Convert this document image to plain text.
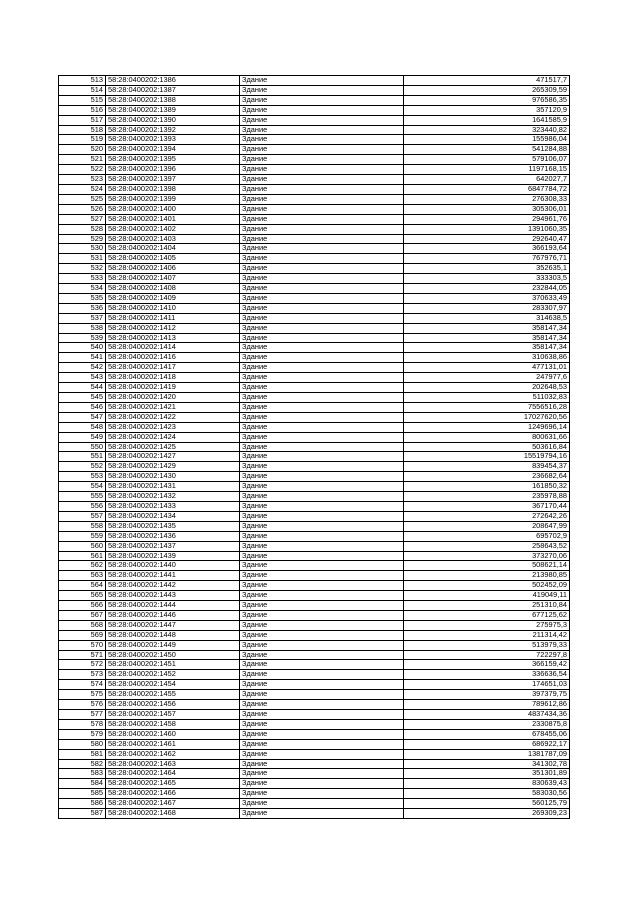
513	58:28:0400202:1386	Здание	471517,7
514	58:28:0400202:1387	Здание	265309,59
515	58:28:0400202:1388	Здание	976586,35
516	58:28:0400202:1389	Здание	357120,9
517	58:28:0400202:1390	Здание	1641585,9
518	58:28:0400202:1392	Здание	323440,82
519	58:28:0400202:1393	Здание	155986,04
520	58:28:0400202:1394	Здание	541284,88
521	58:28:0400202:1395	Здание	579106,07
522	58:28:0400202:1396	Здание	1197168,15
523	58:28:0400202:1397	Здание	642027,7
524	58:28:0400202:1398	Здание	6847784,72
525	58:28:0400202:1399	Здание	276308,33
526	58:28:0400202:1400	Здание	305306,01
527	58:28:0400202:1401	Здание	294961,76
528	58:28:0400202:1402	Здание	1391060,35
529	58:28:0400202:1403	Здание	292640,47
530	58:28:0400202:1404	Здание	366193,64
531	58:28:0400202:1405	Здание	767976,71
532	58:28:0400202:1406	Здание	352635,1
533	58:28:0400202:1407	Здание	333303,5
534	58:28:0400202:1408	Здание	232844,05
535	58:28:0400202:1409	Здание	370633,49
536	58:28:0400202:1410	Здание	283307,97
537	58:28:0400202:1411	Здание	314638,5
538	58:28:0400202:1412	Здание	358147,34
539	58:28:0400202:1413	Здание	358147,34
540	58:28:0400202:1414	Здание	358147,34
541	58:28:0400202:1416	Здание	310638,86
542	58:28:0400202:1417	Здание	477131,01
543	58:28:0400202:1418	Здание	247977,6
544	58:28:0400202:1419	Здание	202648,53
545	58:28:0400202:1420	Здание	511032,83
546	58:28:0400202:1421	Здание	7556516,28
547	58:28:0400202:1422	Здание	17027620,56
548	58:28:0400202:1423	Здание	1249696,14
549	58:28:0400202:1424	Здание	800631,66
550	58:28:0400202:1425	Здание	503616,84
551	58:28:0400202:1427	Здание	15519794,16
552	58:28:0400202:1429	Здание	839454,37
553	58:28:0400202:1430	Здание	236682,64
554	58:28:0400202:1431	Здание	161850,32
555	58:28:0400202:1432	Здание	235978,88
556	58:28:0400202:1433	Здание	367170,44
557	58:28:0400202:1434	Здание	272642,26
558	58:28:0400202:1435	Здание	208647,99
559	58:28:0400202:1436	Здание	695702,9
560	58:28:0400202:1437	Здание	258643,52
561	58:28:0400202:1439	Здание	373270,06
562	58:28:0400202:1440	Здание	508621,14
563	58:28:0400202:1441	Здание	213980,85
564	58:28:0400202:1442	Здание	502452,09
565	58:28:0400202:1443	Здание	419049,11
566	58:28:0400202:1444	Здание	251310,84
567	58:28:0400202:1446	Здание	677125,62
568	58:28:0400202:1447	Здание	275975,3
569	58:28:0400202:1448	Здание	211314,42
570	58:28:0400202:1449	Здание	513979,33
571	58:28:0400202:1450	Здание	722297,8
572	58:28:0400202:1451	Здание	366159,42
573	58:28:0400202:1452	Здание	336636,54
574	58:28:0400202:1454	Здание	174651,03
575	58:28:0400202:1455	Здание	397379,75
576	58:28:0400202:1456	Здание	789612,86
577	58:28:0400202:1457	Здание	4837434,36
578	58:28:0400202:1458	Здание	2330875,8
579	58:28:0400202:1460	Здание	678455,06
580	58:28:0400202:1461	Здание	686922,17
581	58:28:0400202:1462	Здание	1381787,09
582	58:28:0400202:1463	Здание	341302,78
583	58:28:0400202:1464	Здание	351301,89
584	58:28:0400202:1465	Здание	830639,43
585	58:28:0400202:1466	Здание	583030,56
586	58:28:0400202:1467	Здание	560125,79
587	58:28:0400202:1468	Здание	269309,23
